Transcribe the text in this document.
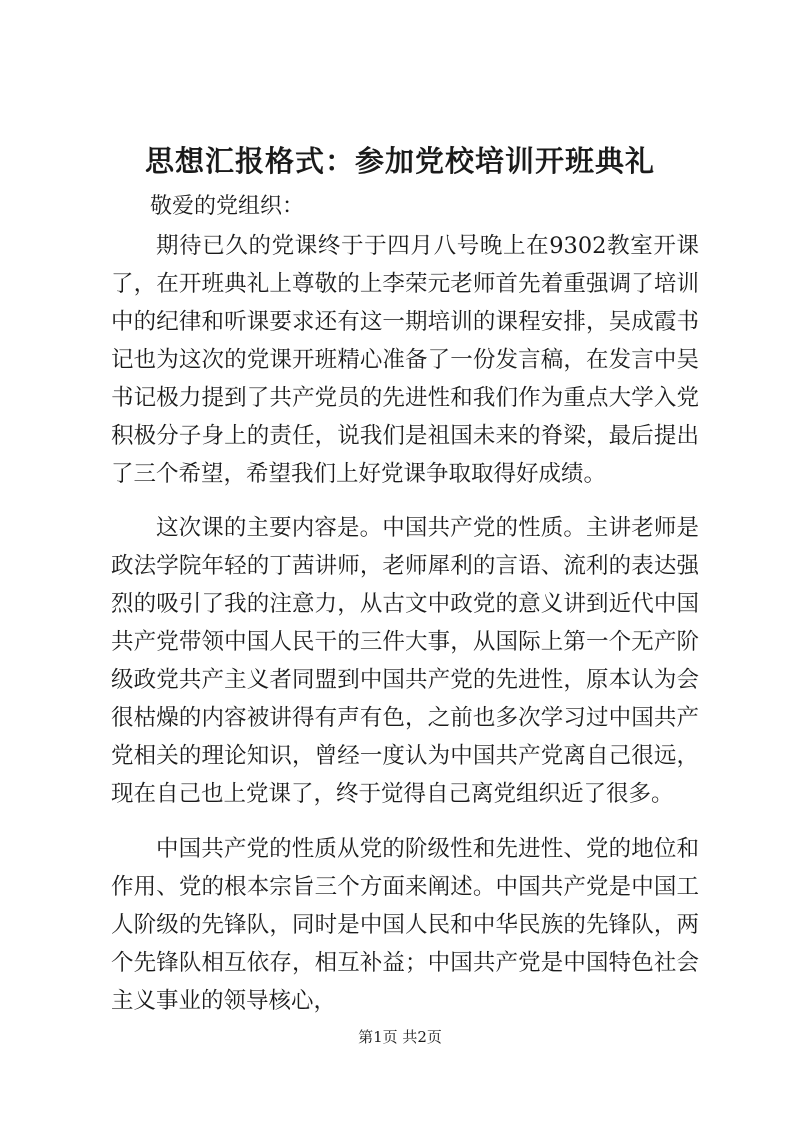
思想汇报格式：参加党校培训开班典礼

敬爱的党组织：

期待已久的党课终于于四月八号晚上在9302教室开课了，在开班典礼上尊敬的上李荣元老师首先着重强调了培训中的纪律和听课要求还有这一期培训的课程安排，吴成霞书记也为这次的党课开班精心准备了一份发言稿，在发言中吴书记极力提到了共产党员的先进性和我们作为重点大学入党积极分子身上的责任，说我们是祖国未来的脊梁，最后提出了三个希望，希望我们上好党课争取取得好成绩。

这次课的主要内容是。中国共产党的性质。主讲老师是政法学院年轻的丁茜讲师，老师犀利的言语、流利的表达强烈的吸引了我的注意力，从古文中政党的意义讲到近代中国共产党带领中国人民干的三件大事，从国际上第一个无产阶级政党共产主义者同盟到中国共产党的先进性，原本认为会很枯燥的内容被讲得有声有色，之前也多次学习过中国共产党相关的理论知识，曾经一度认为中国共产党离自己很远，现在自己也上党课了，终于觉得自己离党组织近了很多。

中国共产党的性质从党的阶级性和先进性、党的地位和作用、党的根本宗旨三个方面来阐述。中国共产党是中国工人阶级的先锋队，同时是中国人民和中华民族的先锋队，两个先锋队相互依存，相互补益；中国共产党是中国特色社会主义事业的领导核心，

第1页 共2页
